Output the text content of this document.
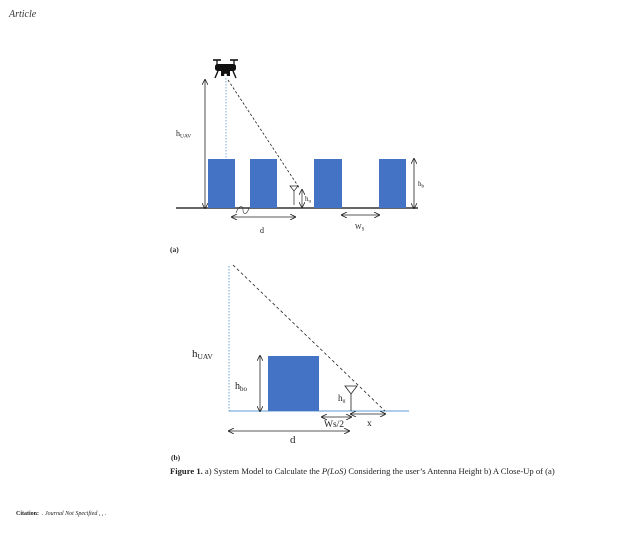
Article
hUAV
$h_u$
$h_b$
d	$W_S$
(a)
hUAV
$h_{bo}$
hu
Ws/2 x
d
(b)
Figure 1. a) System Model to Calculate the P(LoS) Considering the user’s Antenna Height b) A Close-Up of (a)
Citation: . Journal Not Specified , , .
